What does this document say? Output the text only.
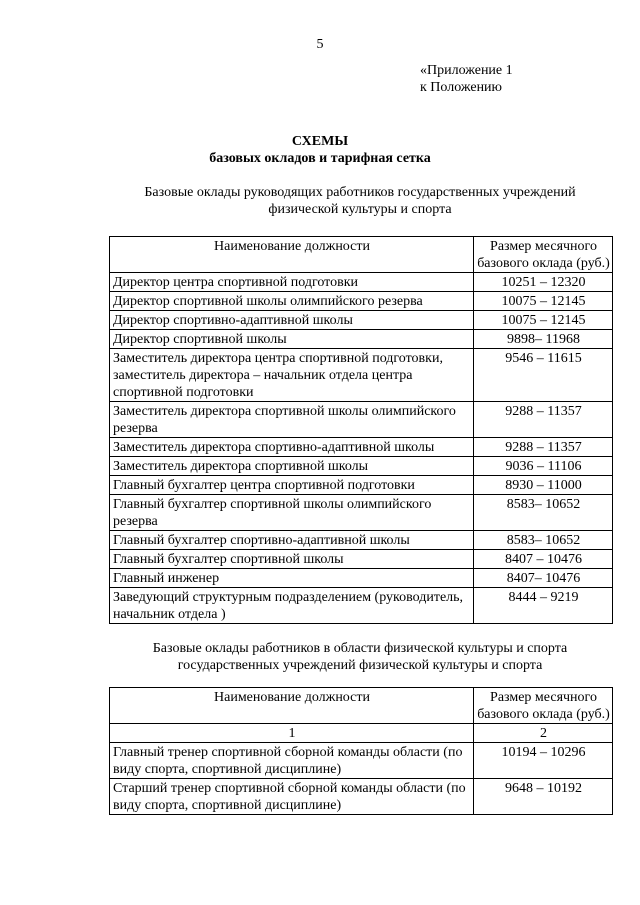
5
«Приложение 1
к Положению
СХЕМЫ
базовых окладов и тарифная сетка
Базовые оклады руководящих работников государственных учреждений
физической культуры и спорта
Наименование должности	Размер месячного базового оклада (руб.)
Директор центра спортивной подготовки	10251 – 12320
Директор спортивной школы олимпийского резерва	10075 – 12145
Директор спортивно-адаптивной школы	10075 – 12145
Директор спортивной школы	9898– 11968
Заместитель директора центра спортивной подготовки, заместитель директора – начальник отдела центра спортивной подготовки	9546 – 11615
Заместитель директора спортивной школы олимпийского резерва	9288 – 11357
Заместитель директора спортивно-адаптивной школы	9288 – 11357
Заместитель директора спортивной школы	9036 – 11106
Главный бухгалтер центра спортивной подготовки	8930 – 11000
Главный бухгалтер спортивной школы олимпийского резерва	8583– 10652
Главный бухгалтер спортивно-адаптивной школы	8583– 10652
Главный бухгалтер спортивной школы	8407 – 10476
Главный инженер	8407– 10476
Заведующий структурным подразделением (руководитель, начальник отдела )	8444 – 9219
Базовые оклады работников в области физической культуры и спорта
государственных учреждений физической культуры и спорта
Наименование должности	Размер месячного базового оклада (руб.)
1	2
Главный тренер спортивной сборной команды области (по виду спорта, спортивной дисциплине)	10194 – 10296
Старший тренер спортивной сборной команды области (по виду спорта, спортивной дисциплине)	9648 – 10192
